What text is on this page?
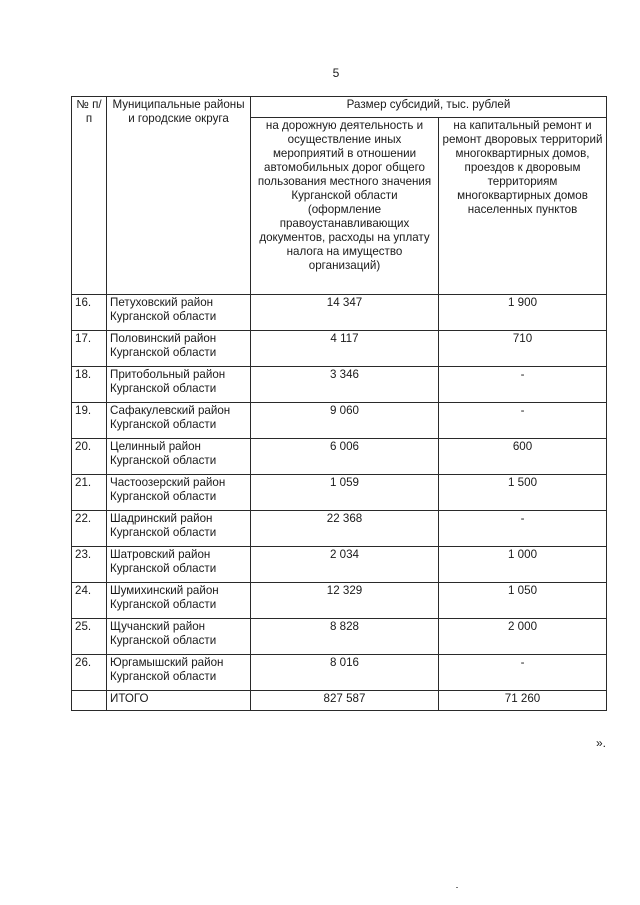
5
№ п/п	Муниципальные районы и городские округа	Размер субсидий, тыс. рублей	
		на дорожную деятельность и осуществление иных мероприятий в отношении автомобильных дорог общего пользования местного значения Курганской области (оформление правоустанавливающих документов, расходы на уплату налога на имущество организаций)	на капитальный ремонт и ремонт дворовых территорий многоквартирных домов, проездов к дворовым территориям многоквартирных домов населенных пунктов
16.	Петуховский район Курганской области	14 347	1 900
17.	Половинский район Курганской области	4 117	710
18.	Притобольный район Курганской области	3 346	-
19.	Сафакулевский район Курганской области	9 060	-
20.	Целинный район Курганской области	6 006	600
21.	Частоозерский район Курганской области	1 059	1 500
22.	Шадринский район Курганской области	22 368	-
23.	Шатровский район Курганской области	2 034	1 000
24.	Шумихинский район Курганской области	12 329	1 050
25.	Щучанский район Курганской области	8 828	2 000
26.	Юргамышский район Курганской области	8 016	-
	ИТОГО	827 587	71 260
».
